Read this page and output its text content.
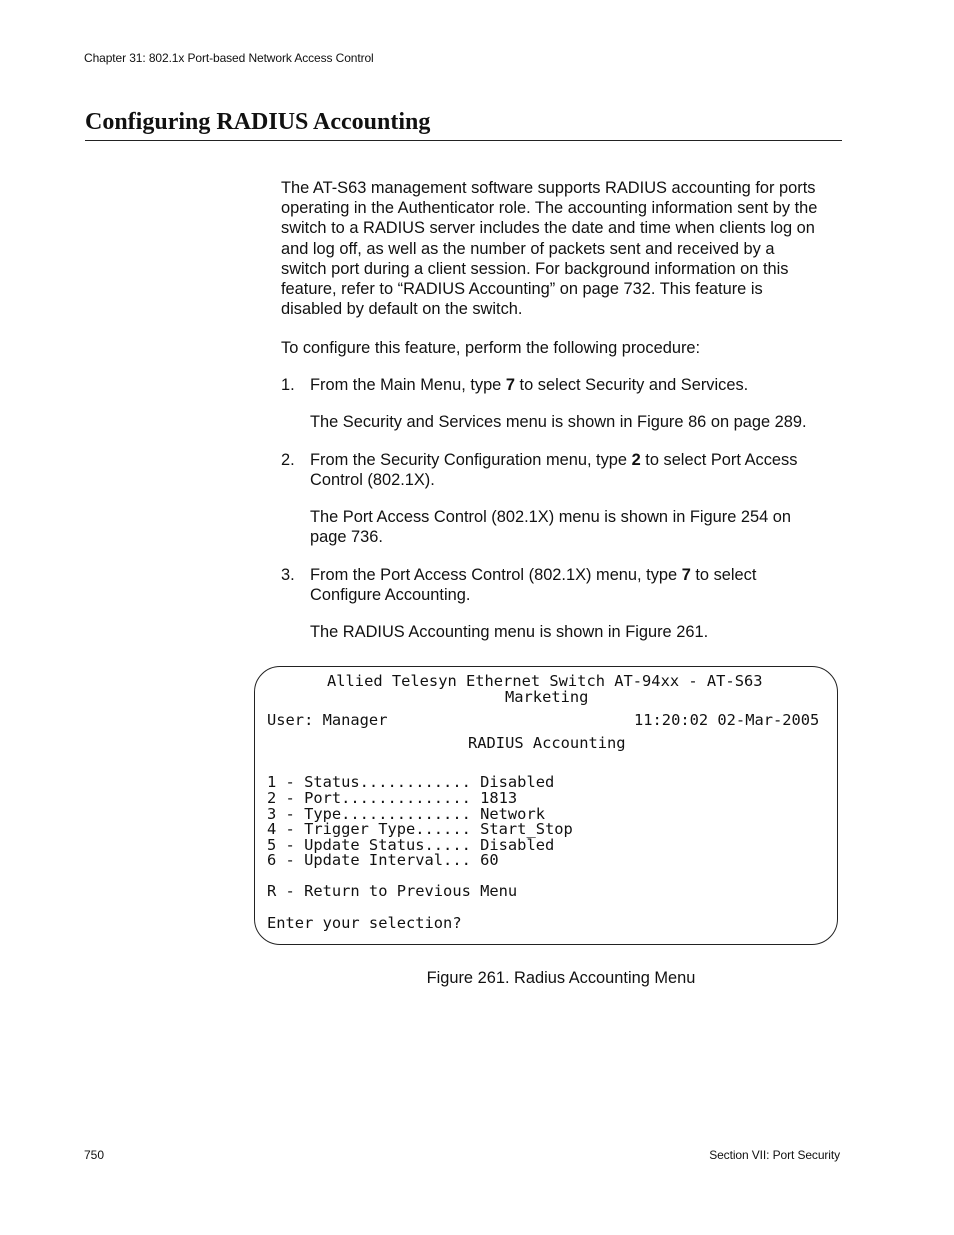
Chapter 31: 802.1x Port-based Network Access Control
Configuring RADIUS Accounting

The AT-S63 management software supports RADIUS accounting for ports
operating in the Authenticator role. The accounting information sent by the
switch to a RADIUS server includes the date and time when clients log on
and log off, as well as the number of packets sent and received by a
switch port during a client session. For background information on this
feature, refer to “RADIUS Accounting” on page 732. This feature is
disabled by default on the switch.

To configure this feature, perform the following procedure:

1. From the Main Menu, type 7 to select Security and Services.

The Security and Services menu is shown in Figure 86 on page 289.

2. From the Security Configuration menu, type 2 to select Port Access
Control (802.1X).

The Port Access Control (802.1X) menu is shown in Figure 254 on
page 736.

3. From the Port Access Control (802.1X) menu, type 7 to select
Configure Accounting.

The RADIUS Accounting menu is shown in Figure 261.

Allied Telesyn Ethernet Switch AT-94xx - AT-S63
Marketing
User: Manager	11:20:02 02-Mar-2005
RADIUS Accounting
1 - Status............ Disabled
2 - Port.............. 1813
3 - Type.............. Network
4 - Trigger Type...... Start_Stop
5 - Update Status..... Disabled
6 - Update Interval... 60
R - Return to Previous Menu
Enter your selection?
Figure 261. Radius Accounting Menu
750	Section VII: Port Security
